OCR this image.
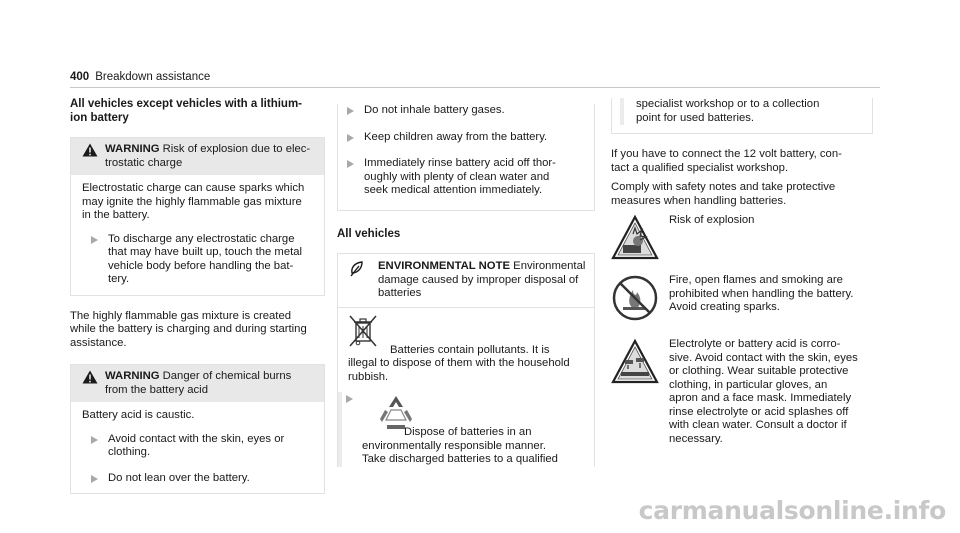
400 Breakdown assistance
All vehicles except vehicles with a lithium-
ion battery
WARNING Risk of explosion due to elec-
trostatic charge
Electrostatic charge can cause sparks which
may ignite the highly flammable gas mixture
in the battery.
To discharge any electrostatic charge
that may have built up, touch the metal
vehicle body before handling the bat-
tery.
The highly flammable gas mixture is created
while the battery is charging and during starting
assistance.
WARNING Danger of chemical burns
from the battery acid
Battery acid is caustic.
Avoid contact with the skin, eyes or
clothing.
Do not lean over the battery.
Do not inhale battery gases.
Keep children away from the battery.
Immediately rinse battery acid off thor-
oughly with plenty of clean water and
seek medical attention immediately.
All vehicles
ENVIRONMENTAL NOTE Environmental
damage caused by improper disposal of
batteries
Batteries contain pollutants. It is
illegal to dispose of them with the household
rubbish.
Dispose of batteries in an
environmentally responsible manner.
Take discharged batteries to a qualified
specialist workshop or to a collection
point for used batteries.
If you have to connect the 12 volt battery, con-
tact a qualified specialist workshop.
Comply with safety notes and take protective
measures when handling batteries.
Risk of explosion
Fire, open flames and smoking are
prohibited when handling the battery.
Avoid creating sparks.
Electrolyte or battery acid is corro-
sive. Avoid contact with the skin, eyes
or clothing. Wear suitable protective
clothing, in particular gloves, an
apron and a face mask. Immediately
rinse electrolyte or acid splashes off
with clean water. Consult a doctor if
necessary.
carmanualsonline.info
